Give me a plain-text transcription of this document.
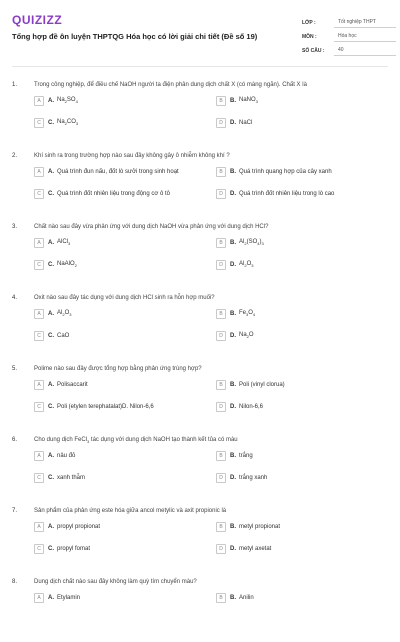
QUIZIZZ
Tổng hợp đề ôn luyện THPTQG Hóa học có lời giải chi tiết (Đề số 19)
LỚP :	Tốt nghiệp THPT
MÔN :	Hóa học
SỐ CÂU :	40
1.	Trong công nghiệp, để điều chế NaOH người ta điện phân dung dịch chất X (có màng ngăn). Chất X là
A	A. $Na_2SO_4$	B	B. NaNO$_3$
C	C. $Na_2CO_3$	D	D. NaCl
2.	Khí sinh ra trong trường hợp nào sau đây không gây ô nhiễm không khí ?
A	A. Quá trình đun nấu, đốt lò sưởi trong sinh hoạt	B	B. Quá trình quang hợp của cây xanh
C	C. Quá trình đốt nhiên liệu trong động cơ ô tô	D	D. Quá trình đốt nhiên liệu trong lò cao
3.	Chất nào sau đây vừa phản ứng với dung dịch NaOH vừa phản ứng với dung dịch HCl?
A	A. AlCl$_3$	B	B. $Al_2(SO_4)_3$
C	C. NaAlO$_2$	D	D. $Al_2O_3$
4.	Oxit nào sau đây tác dụng với dung dịch HCl sinh ra hỗn hợp muối?
A	A. $Al_2O_3$	B	B. $Fe_3O_4$
C	C. CaO	D	D. $Na_2O$
5.	Polime nào sau đây được tổng hợp bằng phản ứng trùng hợp?
A	A. Polisaccarit	B	B. Poli (vinyl clorua)
C	C. Poli (etylen terephatalat)D. Nilon-6,6	D	D. Nilon-6,6
6.	Cho dung dịch FeCl$_3$ tác dụng với dung dịch NaOH tạo thành kết tủa có màu
A	A. nâu đỏ	B	B. trắng
C	C. xanh thẫm	D	D. trắng xanh
7.	Sản phẩm của phản ứng este hóa giữa ancol metylic và axit propionic là
A	A. propyl propionat	B	B. metyl propionat
C	C. propyl fomat	D	D. metyl axetat
8.	Dung dịch chất nào sau đây không làm quỳ tím chuyển màu?
A	A. Etylamin	B	B. Anilin
